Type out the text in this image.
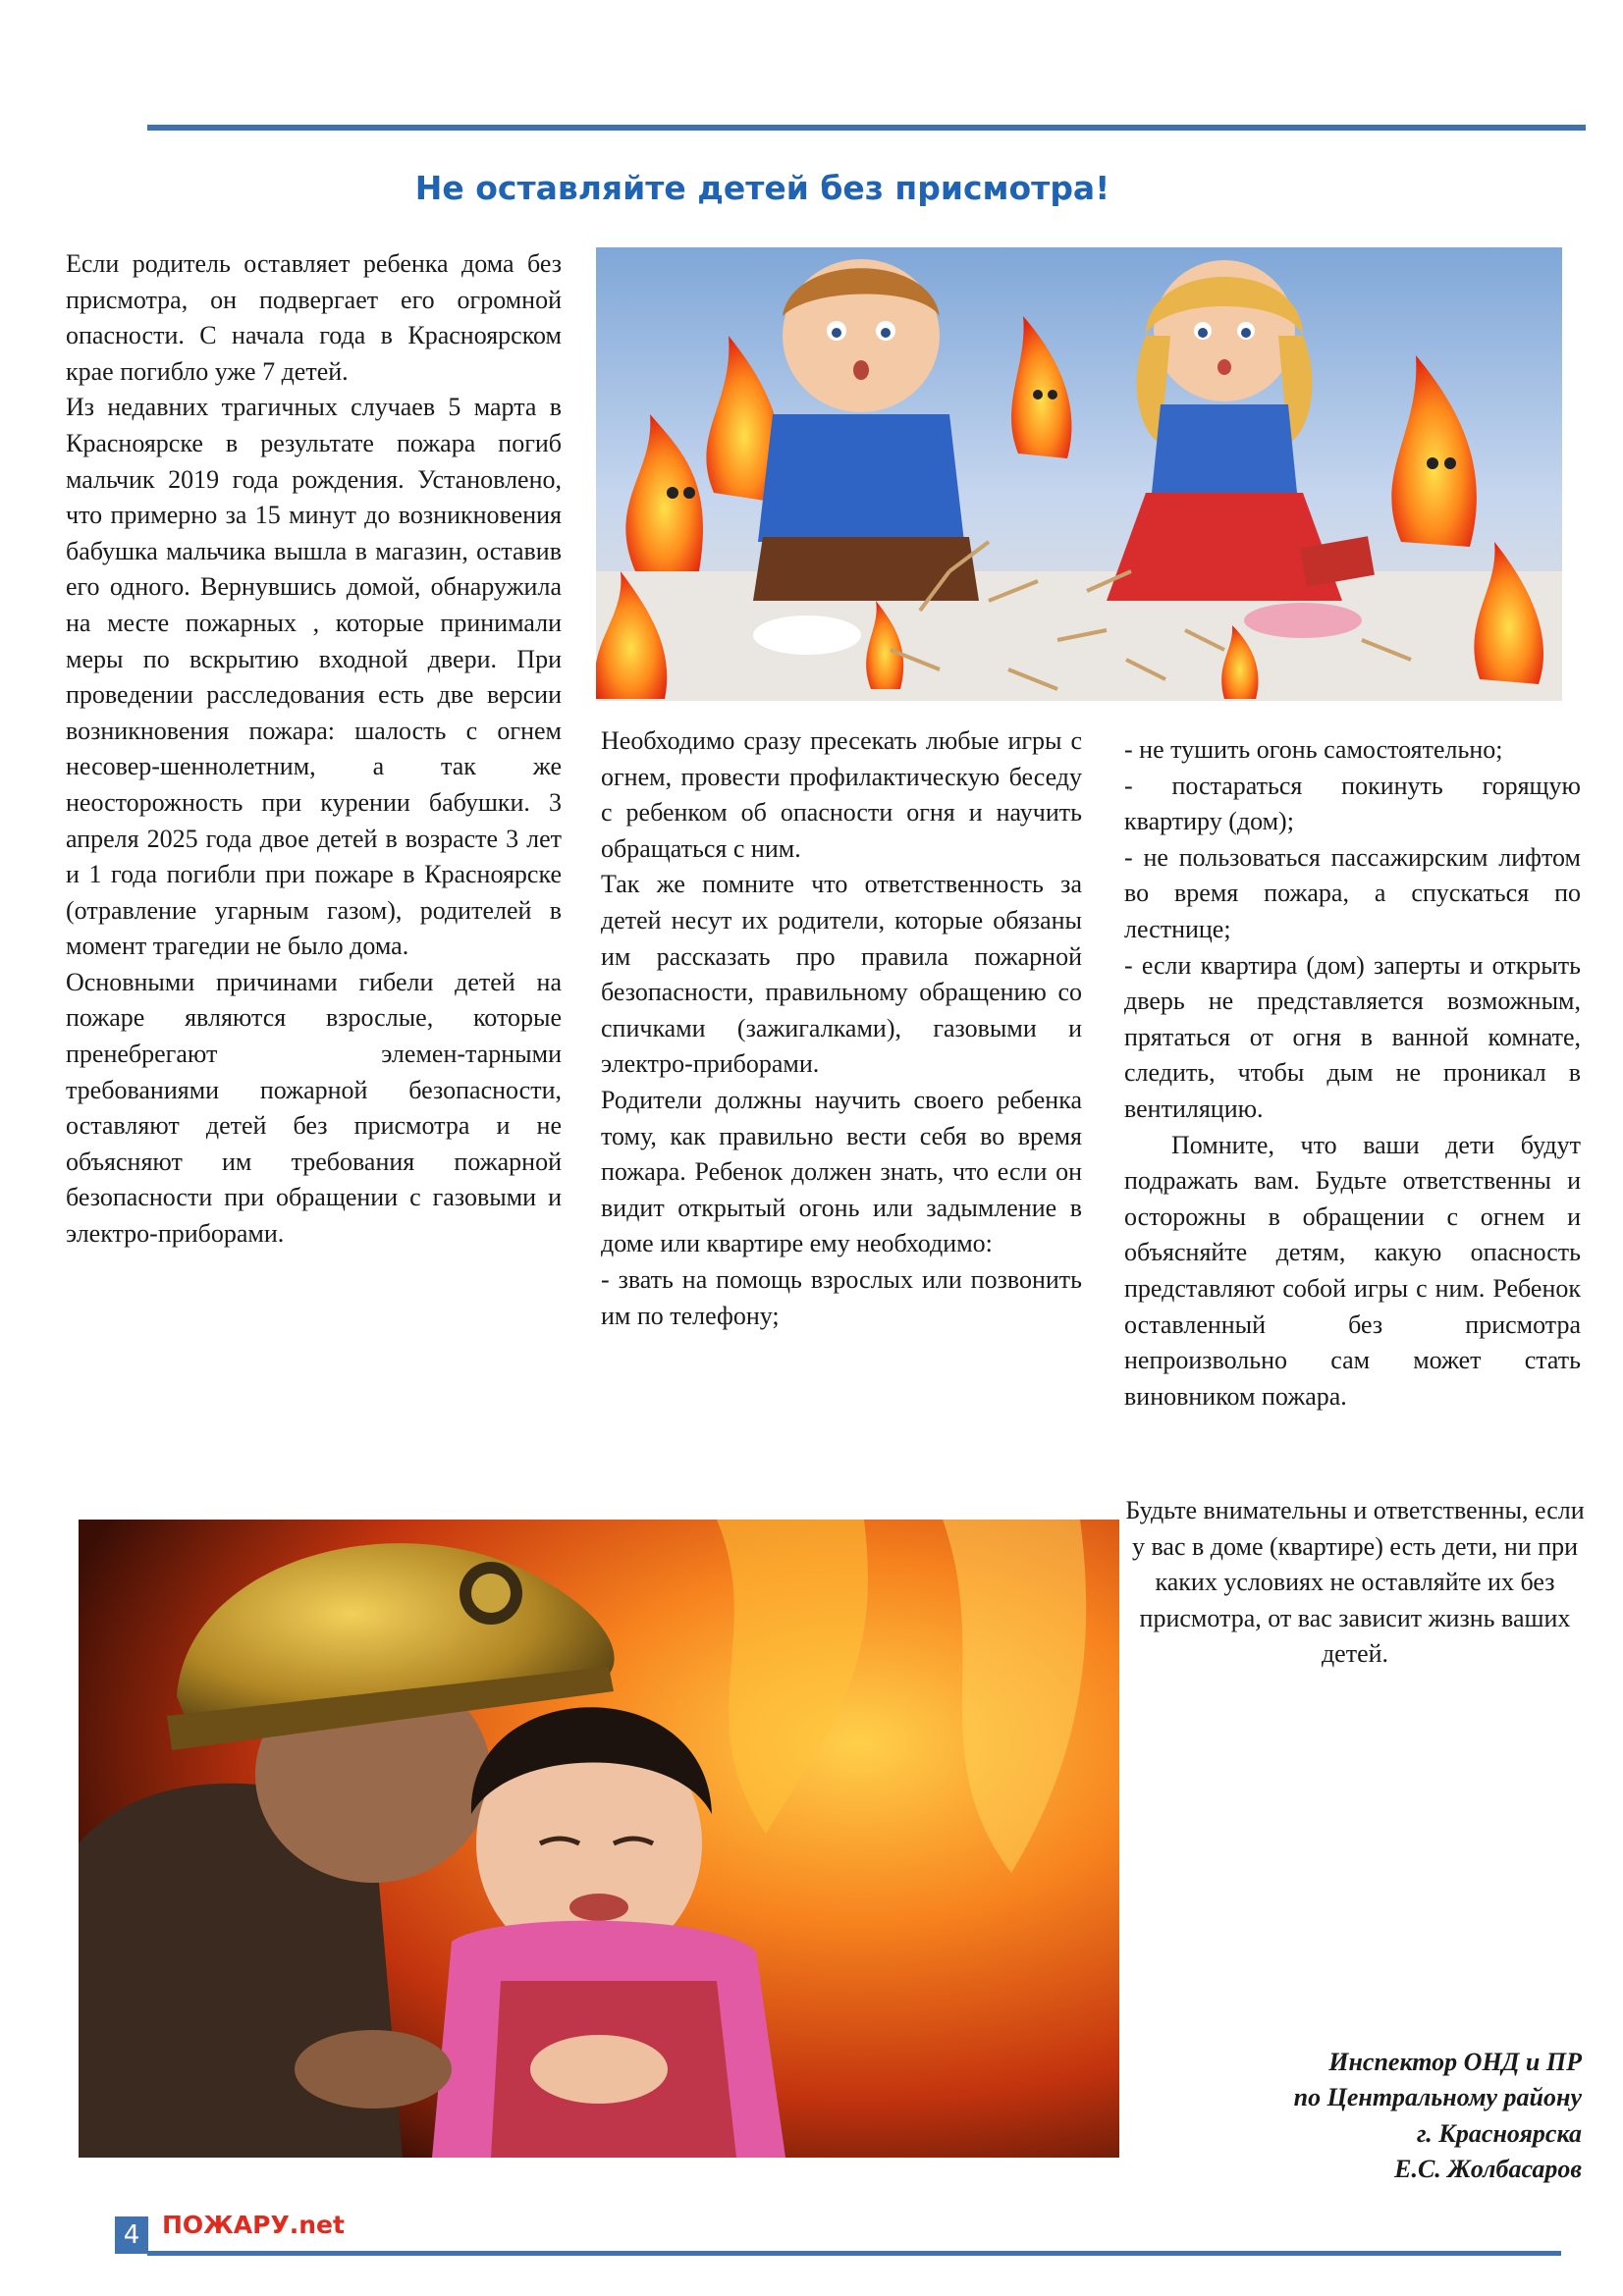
Не оставляйте детей без присмотра!

Если родитель оставляет ребенка дома без присмотра, он подвергает его огромной опасности. С начала года в Красноярском крае погибло уже 7 детей.

Из недавних трагичных случаев 5 марта в Красноярске в результате пожара погиб мальчик 2019 года рождения. Установлено, что примерно за 15 минут до возникновения бабушка мальчика вышла в магазин, оставив его одного. Вернувшись домой, обнаружила на месте пожарных , которые принимали меры по вскрытию входной двери. При проведении расследования есть две версии возникновения пожара: шалость с огнем несовер-шеннолетним, а так же неосторожность при курении бабушки. 3 апреля 2025 года двое детей в возрасте 3 лет и 1 года погибли при пожаре в Красноярске (отравление угарным газом), родителей в момент трагедии не было дома.

Основными причинами гибели детей на пожаре являются взрослые, которые пренебрегают элемен-тарными требованиями пожарной безопасности, оставляют детей без присмотра и не объясняют им требования пожарной безопасности при обращении с газовыми и электро-приборами.

Необходимо сразу пресекать любые игры с огнем, провести профилактическую беседу с ребенком об опасности огня и научить обращаться с ним.

Так же помните что ответственность за детей несут их родители, которые обязаны им рассказать про правила пожарной безопасности, правильному обращению со спичками (зажигалками), газовыми и электро-приборами.

Родители должны научить своего ребенка тому, как правильно вести себя во время пожара. Ребенок должен знать, что если он видит открытый огонь или задымление в доме или квартире ему необходимо:

- звать на помощь взрослых или позвонить им по телефону;

- не тушить огонь самостоятельно;

- постараться покинуть горящую квартиру (дом);

- не пользоваться пассажирским лифтом во время пожара, а спускаться по лестнице;

- если квартира (дом) заперты и открыть дверь не представляется возможным, прятаться от огня в ванной комнате, следить, чтобы дым не проникал в вентиляцию.

Помните, что ваши дети будут подражать вам. Будьте ответственны и осторожны в обращении с огнем и объясняйте детям, какую опасность представляют собой игры с ним. Ребенок оставленный без присмотра непроизвольно сам может стать виновником пожара.

Будьте внимательны и ответственны, если у вас в доме (квартире) есть дети, ни при каких условиях не оставляйте их без присмотра, от вас зависит жизнь ваших детей.

Инспектор ОНД и ПР
по Центральному району
г. Красноярска
Е.С. Жолбасаров
4 ПОЖАРУ.net
